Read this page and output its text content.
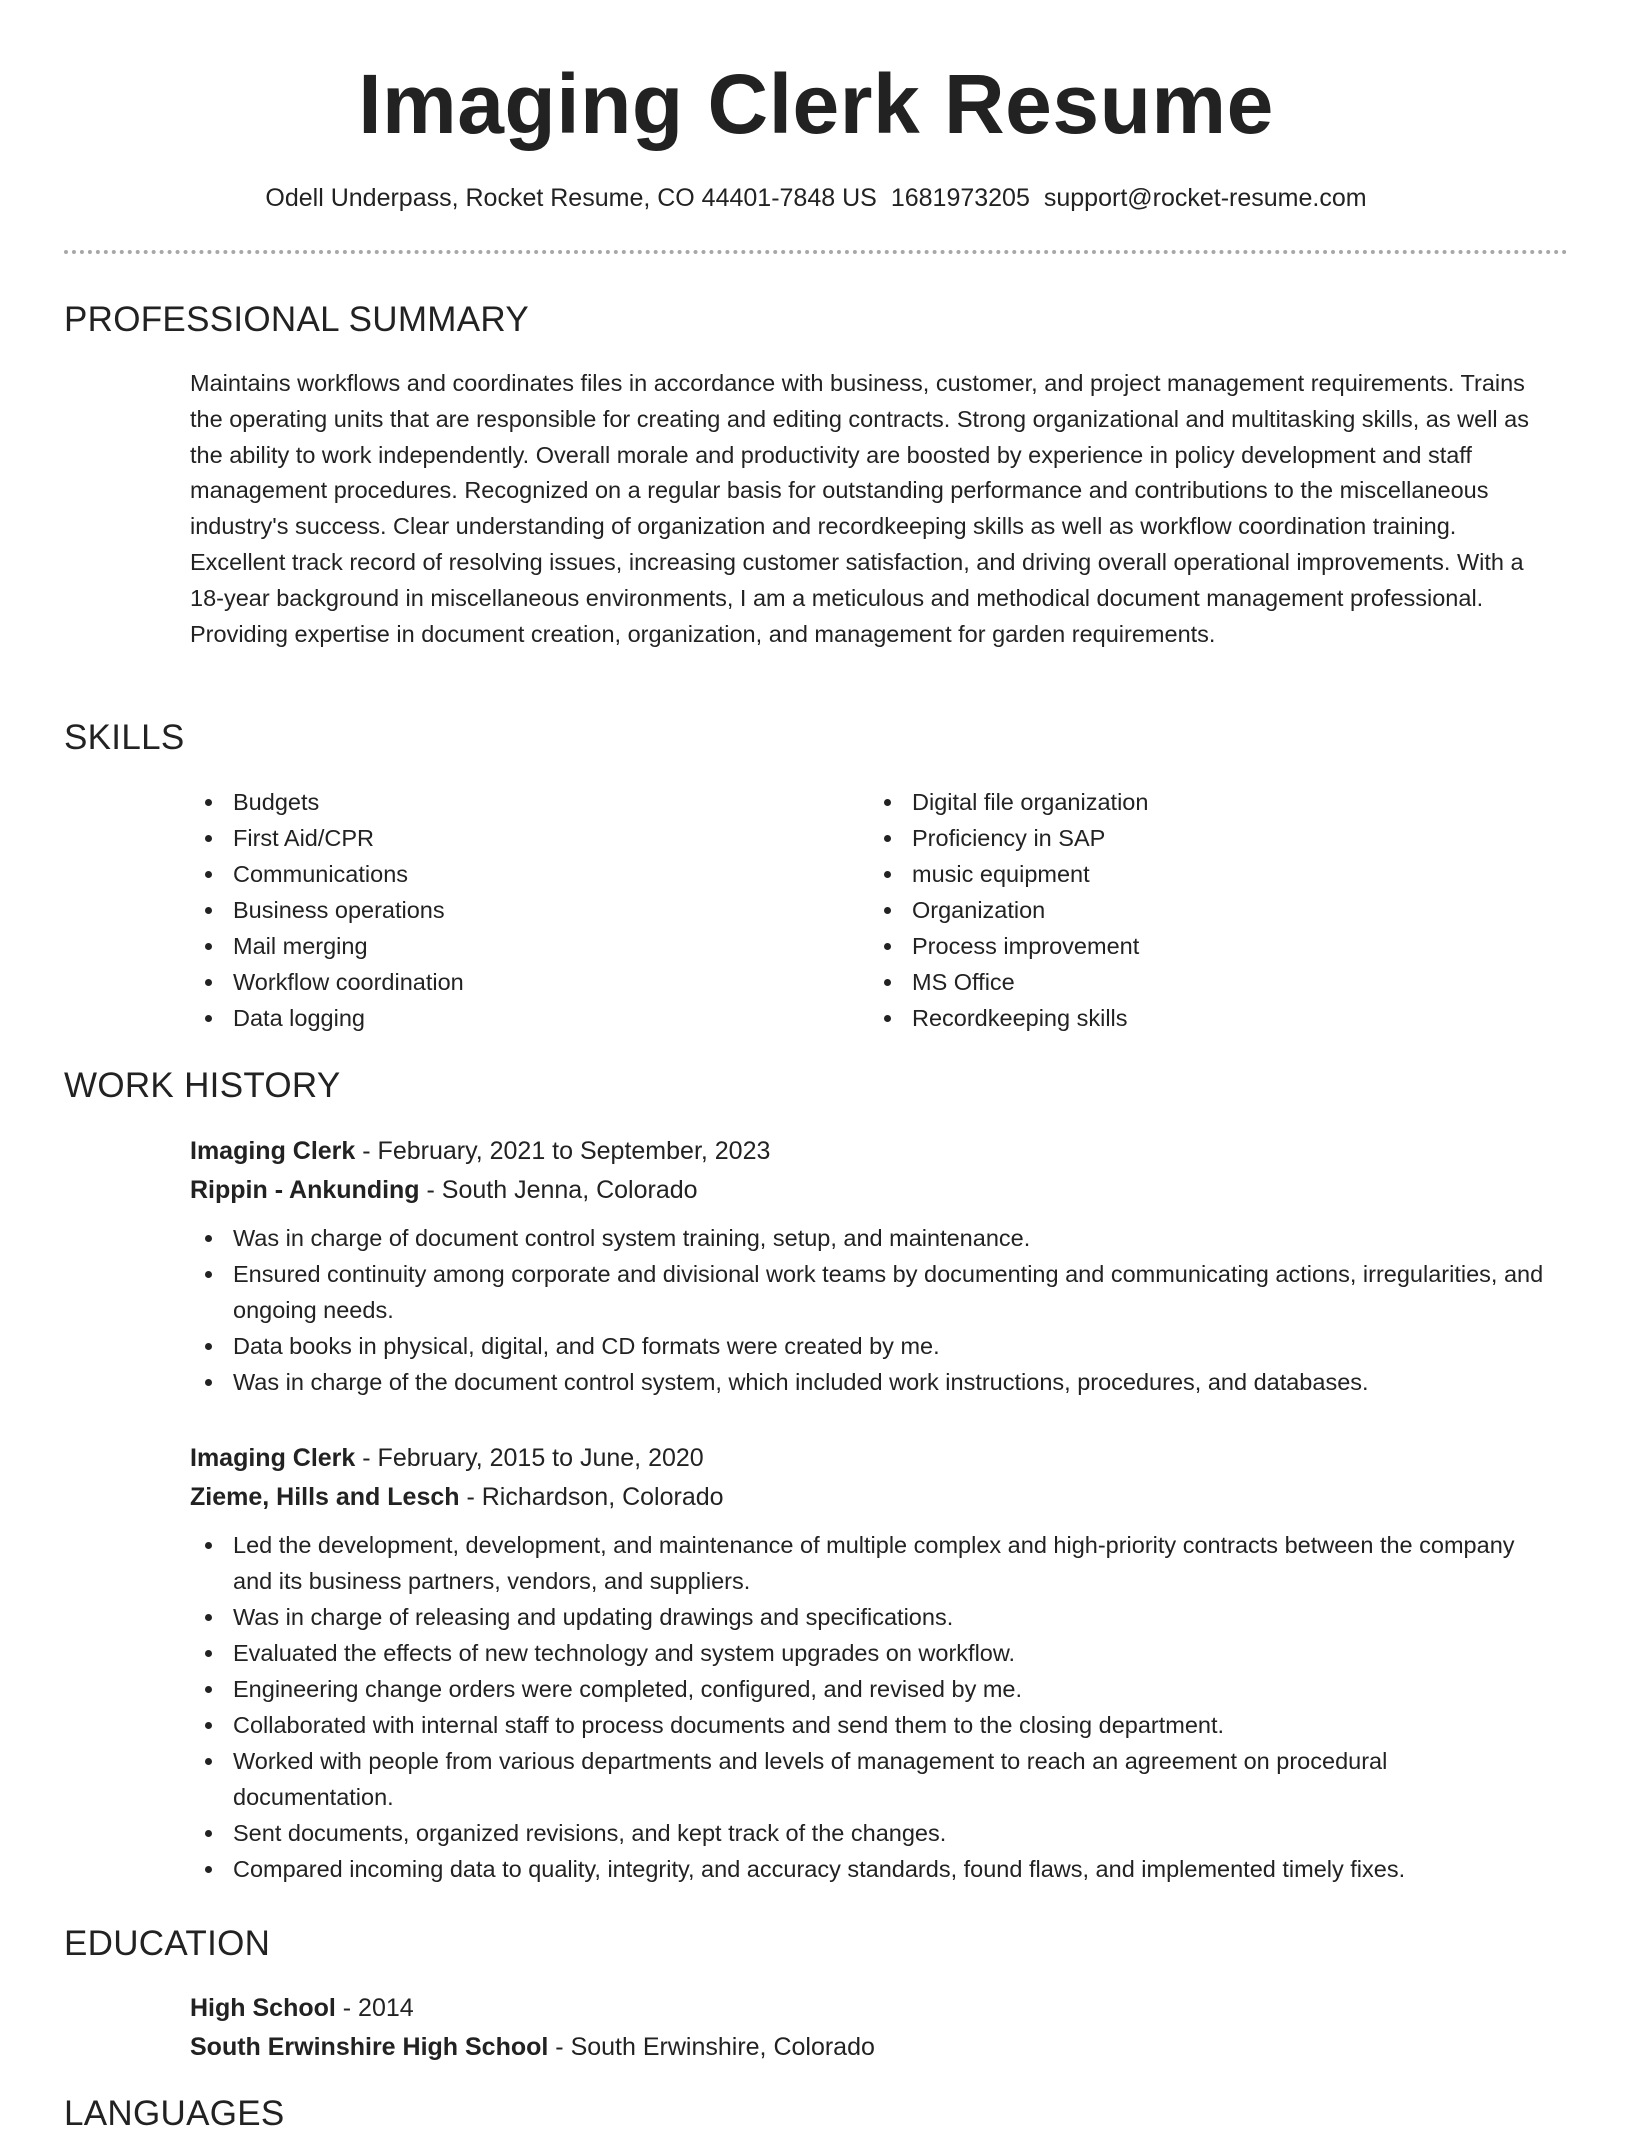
Imaging Clerk Resume
Odell Underpass, Rocket Resume, CO 44401-7848 US 1681973205 support@rocket-resume.com
PROFESSIONAL SUMMARY

Maintains workflows and coordinates files in accordance with business, customer, and project management requirements. Trains the operating units that are responsible for creating and editing contracts. Strong organizational and multitasking skills, as well as the ability to work independently. Overall morale and productivity are boosted by experience in policy development and staff management procedures. Recognized on a regular basis for outstanding performance and contributions to the miscellaneous industry's success. Clear understanding of organization and recordkeeping skills as well as workflow coordination training. Excellent track record of resolving issues, increasing customer satisfaction, and driving overall operational improvements. With a 18-year background in miscellaneous environments, I am a meticulous and methodical document management professional. Providing expertise in document creation, organization, and management for garden requirements.

SKILLS
Budgets
First Aid/CPR
Communications
Business operations
Mail merging
Workflow coordination
Data logging
Digital file organization
Proficiency in SAP
music equipment
Organization
Process improvement
MS Office
Recordkeeping skills
WORK HISTORY
Imaging Clerk - February, 2021 to September, 2023
Rippin - Ankunding - South Jenna, Colorado
Was in charge of document control system training, setup, and maintenance.
Ensured continuity among corporate and divisional work teams by documenting and communicating actions, irregularities, and ongoing needs.
Data books in physical, digital, and CD formats were created by me.
Was in charge of the document control system, which included work instructions, procedures, and databases.
Imaging Clerk - February, 2015 to June, 2020
Zieme, Hills and Lesch - Richardson, Colorado
Led the development, development, and maintenance of multiple complex and high-priority contracts between the company and its business partners, vendors, and suppliers.
Was in charge of releasing and updating drawings and specifications.
Evaluated the effects of new technology and system upgrades on workflow.
Engineering change orders were completed, configured, and revised by me.
Collaborated with internal staff to process documents and send them to the closing department.
Worked with people from various departments and levels of management to reach an agreement on procedural documentation.
Sent documents, organized revisions, and kept track of the changes.
Compared incoming data to quality, integrity, and accuracy standards, found flaws, and implemented timely fixes.
EDUCATION
High School - 2014
South Erwinshire High School - South Erwinshire, Colorado
LANGUAGES
